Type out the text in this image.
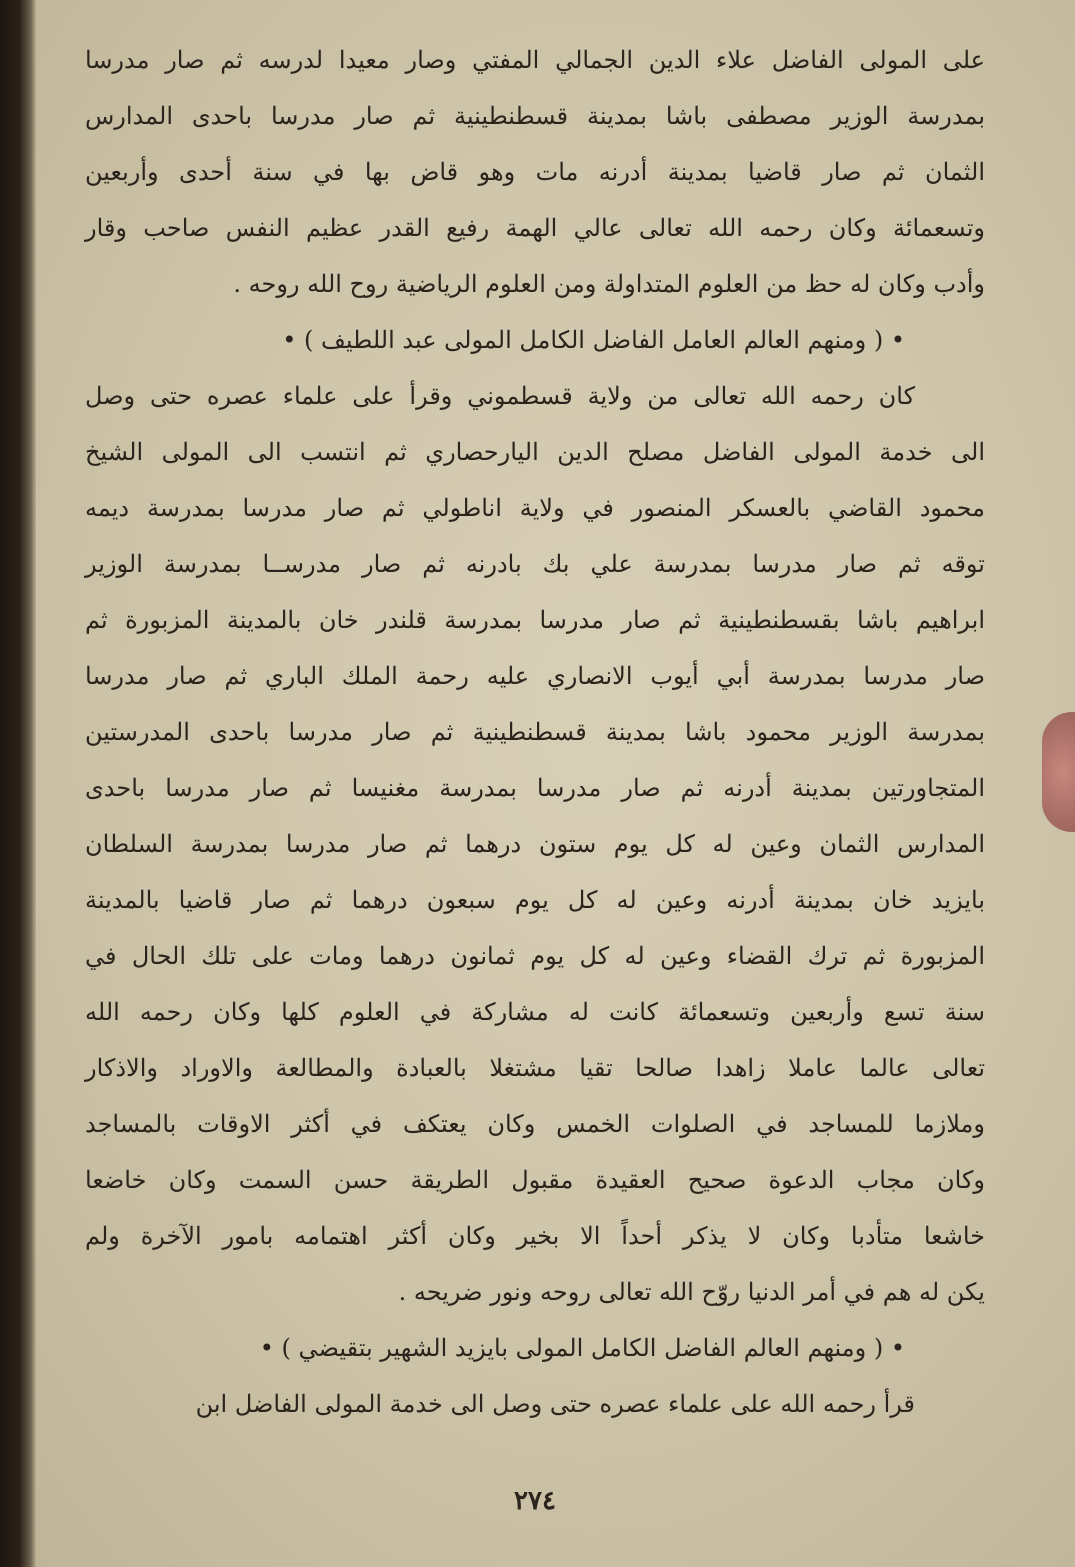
على المولى الفاضل علاء الدين الجمالي المفتي وصار معيدا لدرسه ثم صار مدرسا
بمدرسة الوزير مصطفى باشا بمدينة قسطنطينية ثم صار مدرسا باحدى المدارس
الثمان ثم صار قاضيا بمدينة أدرنه مات وهو قاض بها في سنة أحدى وأربعين
وتسعمائة وكان رحمه الله تعالى عالي الهمة رفيع القدر عظيم النفس صاحب وقار
وأدب وكان له حظ من العلوم المتداولة ومن العلوم الرياضية روح الله روحه .
• ( ومنهم العالم العامل الفاضل الكامل المولى عبد اللطيف ) •
كان رحمه الله تعالى من ولاية قسطموني وقرأ على علماء عصره حتى وصل
الى خدمة المولى الفاضل مصلح الدين اليارحصاري ثم انتسب الى المولى الشيخ
محمود القاضي بالعسكر المنصور في ولاية اناطولي ثم صار مدرسا بمدرسة ديمه
توقه ثم صار مدرسا بمدرسة علي بك بادرنه ثم صار مدرســا بمدرسة الوزير
ابراهيم باشا بقسطنطينية ثم صار مدرسا بمدرسة قلندر خان بالمدينة المزبورة ثم
صار مدرسا بمدرسة أبي أيوب الانصاري عليه رحمة الملك الباري ثم صار مدرسا
بمدرسة الوزير محمود باشا بمدينة قسطنطينية ثم صار مدرسا باحدى المدرستين
المتجاورتين بمدينة أدرنه ثم صار مدرسا بمدرسة مغنيسا ثم صار مدرسا باحدى
المدارس الثمان وعين له كل يوم ستون درهما ثم صار مدرسا بمدرسة السلطان
بايزيد خان بمدينة أدرنه وعين له كل يوم سبعون درهما ثم صار قاضيا بالمدينة
المزبورة ثم ترك القضاء وعين له كل يوم ثمانون درهما ومات على تلك الحال في
سنة تسع وأربعين وتسعمائة كانت له مشاركة في العلوم كلها وكان رحمه الله
تعالى عالما عاملا زاهدا صالحا تقيا مشتغلا بالعبادة والمطالعة والاوراد والاذكار
وملازما للمساجد في الصلوات الخمس وكان يعتكف في أكثر الاوقات بالمساجد
وكان مجاب الدعوة صحيح العقيدة مقبول الطريقة حسن السمت وكان خاضعا
خاشعا متأدبا وكان لا يذكر أحداً الا بخير وكان أكثر اهتمامه بامور الآخرة ولم
يكن له هم في أمر الدنيا روّح الله تعالى روحه ونور ضريحه .
• ( ومنهم العالم الفاضل الكامل المولى بايزيد الشهير بتقيضي ) •
قرأ رحمه الله على علماء عصره حتى وصل الى خدمة المولى الفاضل ابن
٢٧٤
